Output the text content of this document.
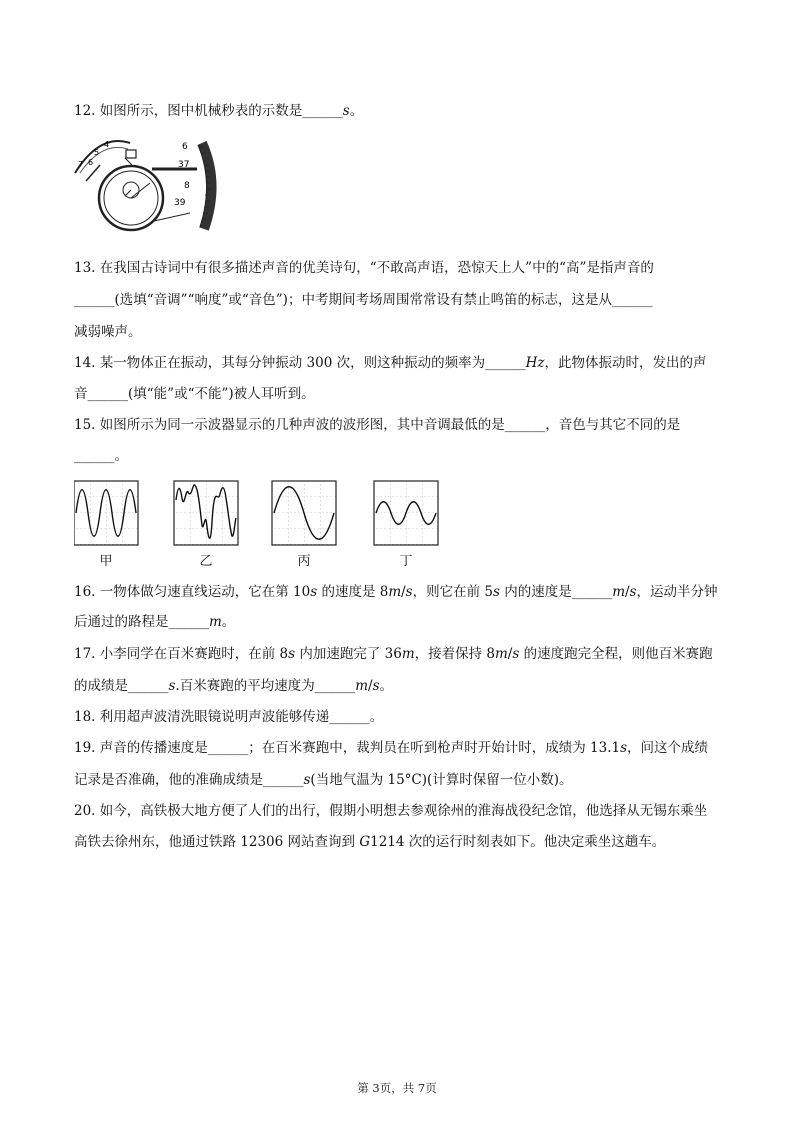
12. 如图所示，图中机械秒表的示数是______𝑠。
4
5
6
7
6
37
8
39
13. 在我国古诗词中有很多描述声音的优美诗句，“不敢高声语，恐惊天上人”中的“高”是指声音的
______(选填“音调”“响度”或“音色”)；中考期间考场周围常常设有禁止鸣笛的标志，这是从______
减弱噪声。
14. 某一物体正在振动，其每分钟振动 300 次，则这种振动的频率为______𝐻𝑧，此物体振动时，发出的声
音______(填“能”或“不能”)被人耳听到。
15. 如图所示为同一示波器显示的几种声波的波形图，其中音调最低的是______，音色与其它不同的是
______。
甲	乙	丙	丁
16. 一物体做匀速直线运动，它在第 10𝑠 的速度是 8𝑚/𝑠，则它在前 5𝑠 内的速度是______𝑚/𝑠，运动半分钟
后通过的路程是______𝑚。
17. 小李同学在百米赛跑时，在前 8𝑠 内加速跑完了 36𝑚，接着保持 8𝑚/𝑠 的速度跑完全程，则他百米赛跑
的成绩是______𝑠.百米赛跑的平均速度为______𝑚/𝑠。
18. 利用超声波清洗眼镜说明声波能够传递______。
19. 声音的传播速度是______；在百米赛跑中，裁判员在听到枪声时开始计时，成绩为 13.1𝑠，问这个成绩
记录是否准确，他的准确成绩是______𝑠(当地气温为 15°C)(计算时保留一位小数)。
20. 如今，高铁极大地方便了人们的出行，假期小明想去参观徐州的淮海战役纪念馆，他选择从无锡东乘坐
高铁去徐州东，他通过铁路 12306 网站查询到 𝐺1214 次的运行时刻表如下。他决定乘坐这趟车。
第 3页，共 7页
